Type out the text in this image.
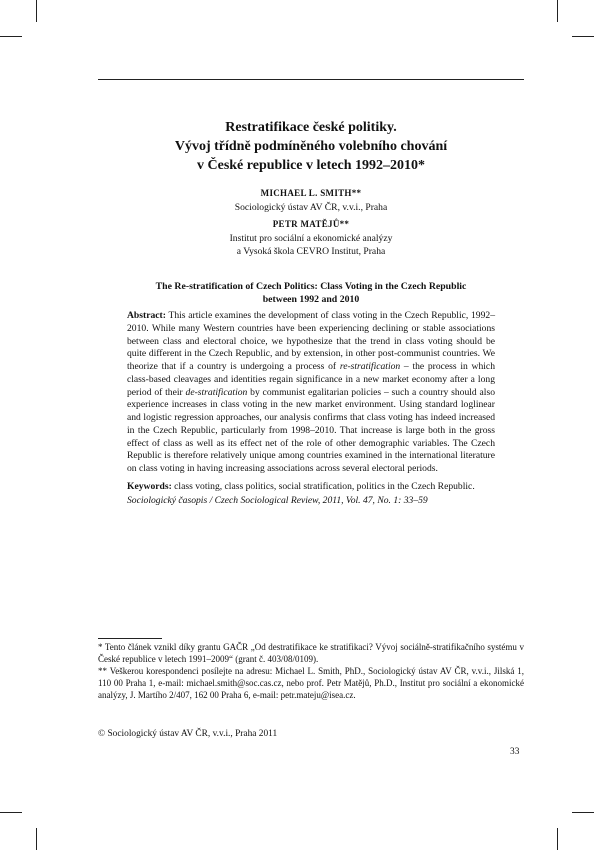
Restratifikace české politiky.
Vývoj třídně podmíněného volebního chování
v České republice v letech 1992–2010*
MICHAEL L. SMITH**
Sociologický ústav AV ČR, v.v.i., Praha
PETR MATĚJŮ**
Institut pro sociální a ekonomické analýzy
a Vysoká škola CEVRO Institut, Praha
The Re-stratification of Czech Politics: Class Voting in the Czech Republic
between 1992 and 2010

Abstract: This article examines the development of class voting in the Czech Republic, 1992– 2010. While many Western countries have been experiencing declining or stable associations between class and electoral choice, we hypothesize that the trend in class voting should be quite different in the Czech Republic, and by extension, in other post-communist countries. We theorize that if a country is undergoing a process of re-stratification – the process in which class-based cleavages and identities regain significance in a new market economy after a long period of their de-stratification by communist egalitarian policies – such a country should also experience increases in class voting in the new market environment. Using standard loglinear and logistic regression approaches, our analysis confirms that class voting has indeed increased in the Czech Republic, particularly from 1998–2010. That increase is large both in the gross effect of class as well as its effect net of the role of other demographic variables. The Czech Republic is therefore relatively unique among countries examined in the international literature on class voting in having increasing associations across several electoral periods.

Keywords: class voting, class politics, social stratification, politics in the Czech Republic.

Sociologický časopis / Czech Sociological Review, 2011, Vol. 47, No. 1: 33–59

* Tento článek vznikl díky grantu GAČR „Od destratifikace ke stratifikaci? Vývoj sociálně-stratifikačního systému v České republice v letech 1991–2009“ (grant č. 403/08/0109).

** Veškerou korespondenci posílejte na adresu: Michael L. Smith, PhD., Sociologický ústav AV ČR, v.v.i., Jilská 1, 110 00 Praha 1, e-mail: michael.smith@soc.cas.cz, nebo prof. Petr Matějů, Ph.D., Institut pro sociální a ekonomické analýzy, J. Martího 2/407, 162 00 Praha 6, e-mail: petr.mateju@isea.cz.

© Sociologický ústav AV ČR, v.v.i., Praha 2011
33
